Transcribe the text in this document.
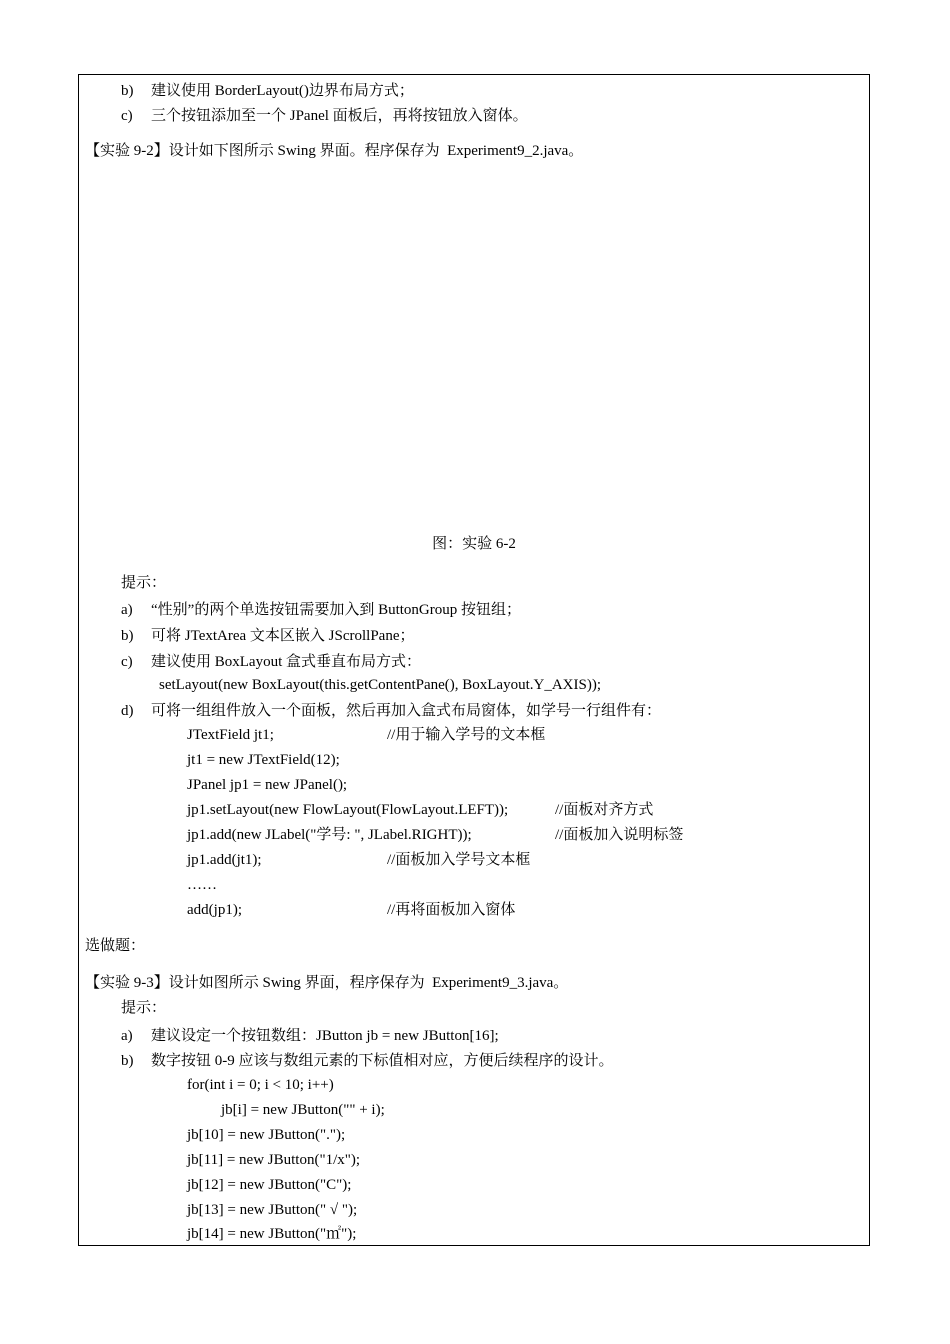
b) 建议使用 BorderLayout()边界布局方式；
c) 三个按钮添加至一个 JPanel 面板后，再将按钮放入窗体。
【实验 9-2】设计如下图所示 Swing 界面。程序保存为  Experiment9_2.java。
图：实验 6-2
提示：
a) “性别”的两个单选按钮需要加入到 ButtonGroup 按钮组；
b) 可将 JTextArea 文本区嵌入 JScrollPane；
c) 建议使用 BoxLayout 盒式垂直布局方式：
setLayout(new BoxLayout(this.getContentPane(), BoxLayout.Y_AXIS));
d) 可将一组组件放入一个面板，然后再加入盒式布局窗体，如学号一行组件有：
JTextField jt1;	//用于输入学号的文本框
jt1 = new JTextField(12);
JPanel jp1 = new JPanel();
jp1.setLayout(new FlowLayout(FlowLayout.LEFT));	//面板对齐方式
jp1.add(new JLabel("学号: ", JLabel.RIGHT));	//面板加入说明标签
jp1.add(jt1);	//面板加入学号文本框
……
add(jp1);	//再将面板加入窗体
选做题：
【实验 9-3】设计如图所示 Swing 界面，程序保存为  Experiment9_3.java。
提示：
a) 建议设定一个按钮数组：JButton jb = new JButton[16];
b) 数字按钮 0-9 应该与数组元素的下标值相对应，方便后续程序的设计。
for(int i = 0; i < 10; i++)
jb[i] = new JButton("" + i);
jb[10] = new JButton(".");
jb[11] = new JButton("1/x");
jb[12] = new JButton("C");
jb[13] = new JButton(" √ ");
jb[14] = new JButton("㎡");
